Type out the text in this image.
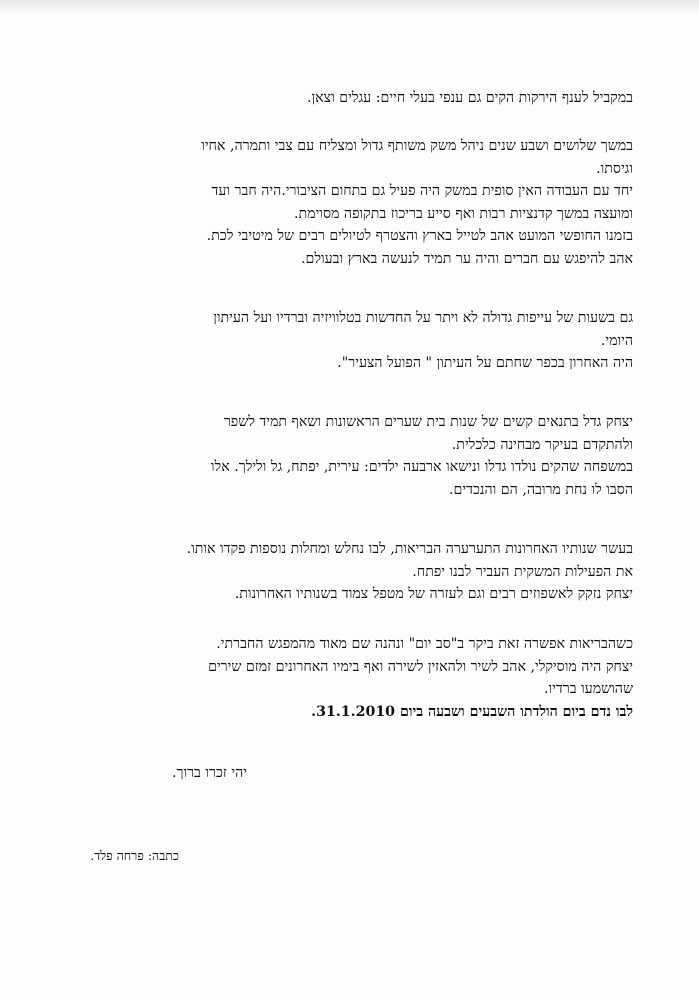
במקביל לענף הירקות הקים גם ענפי בעלי חיים: עגלים וצאן.
במשך שלושים ושבע שנים ניהל משק משותף גדול ומצליח עם צבי ותמרה, אחיו
וגיסתו.
יחד עם העבודה האין סופית במשק היה פעיל גם בתחום הציבורי.היה חבר ועד
ומועצה במשך קדנציות רבות ואף סייע בריכוז בתקופה מסוימת.
בזמנו החופשי המועט אהב לטייל בארץ והצטרף לטיולים רבים של מיטיבי לכת.
אהב להיפגש עם חברים והיה ער תמיד לנעשה בארץ ובעולם.
גם בשעות של עייפות גדולה לא ויתר על החדשות בטלוויזיה וברדיו ועל העיתון
היומי.
היה האחרון בכפר שחתם על העיתון " הפועל הצעיר".
יצחק גדל בתנאים קשים של שנות בית שערים הראשונות ושאף תמיד לשפר
ולהתקדם בעיקר מבחינה כלכלית.
במשפחה שהקים נולדו גדלו ונישאו ארבעה ילדים: עירית, יפתח, גל ולילך. אלו
הסבו לו נחת מרובה, הם והנכדים.
בעשר שנותיו האחרונות התערערה הבריאות, לבו נחלש ומחלות נוספות פקדו אותו.
את הפעילות המשקית העביר לבנו יפתח.
יצחק נזקק לאשפוזים רבים וגם לעזרה של מטפל צמוד בשנותיו האחרונות.
כשהבריאות אפשרה זאת ביקר ב"סב יום" ונהנה שם מאוד מהמפגש החברתי.
יצחק היה מוסיקלי, אהב לשיר ולהאזין לשירה ואף בימיו האחרונים זמזם שירים
שהושמעו ברדיו.
לבו נדם ביום הולדתו השבעים ושבעה ביום 31.1.2010.
יהי זכרו ברוך.
כתבה: פרחה פלד.
